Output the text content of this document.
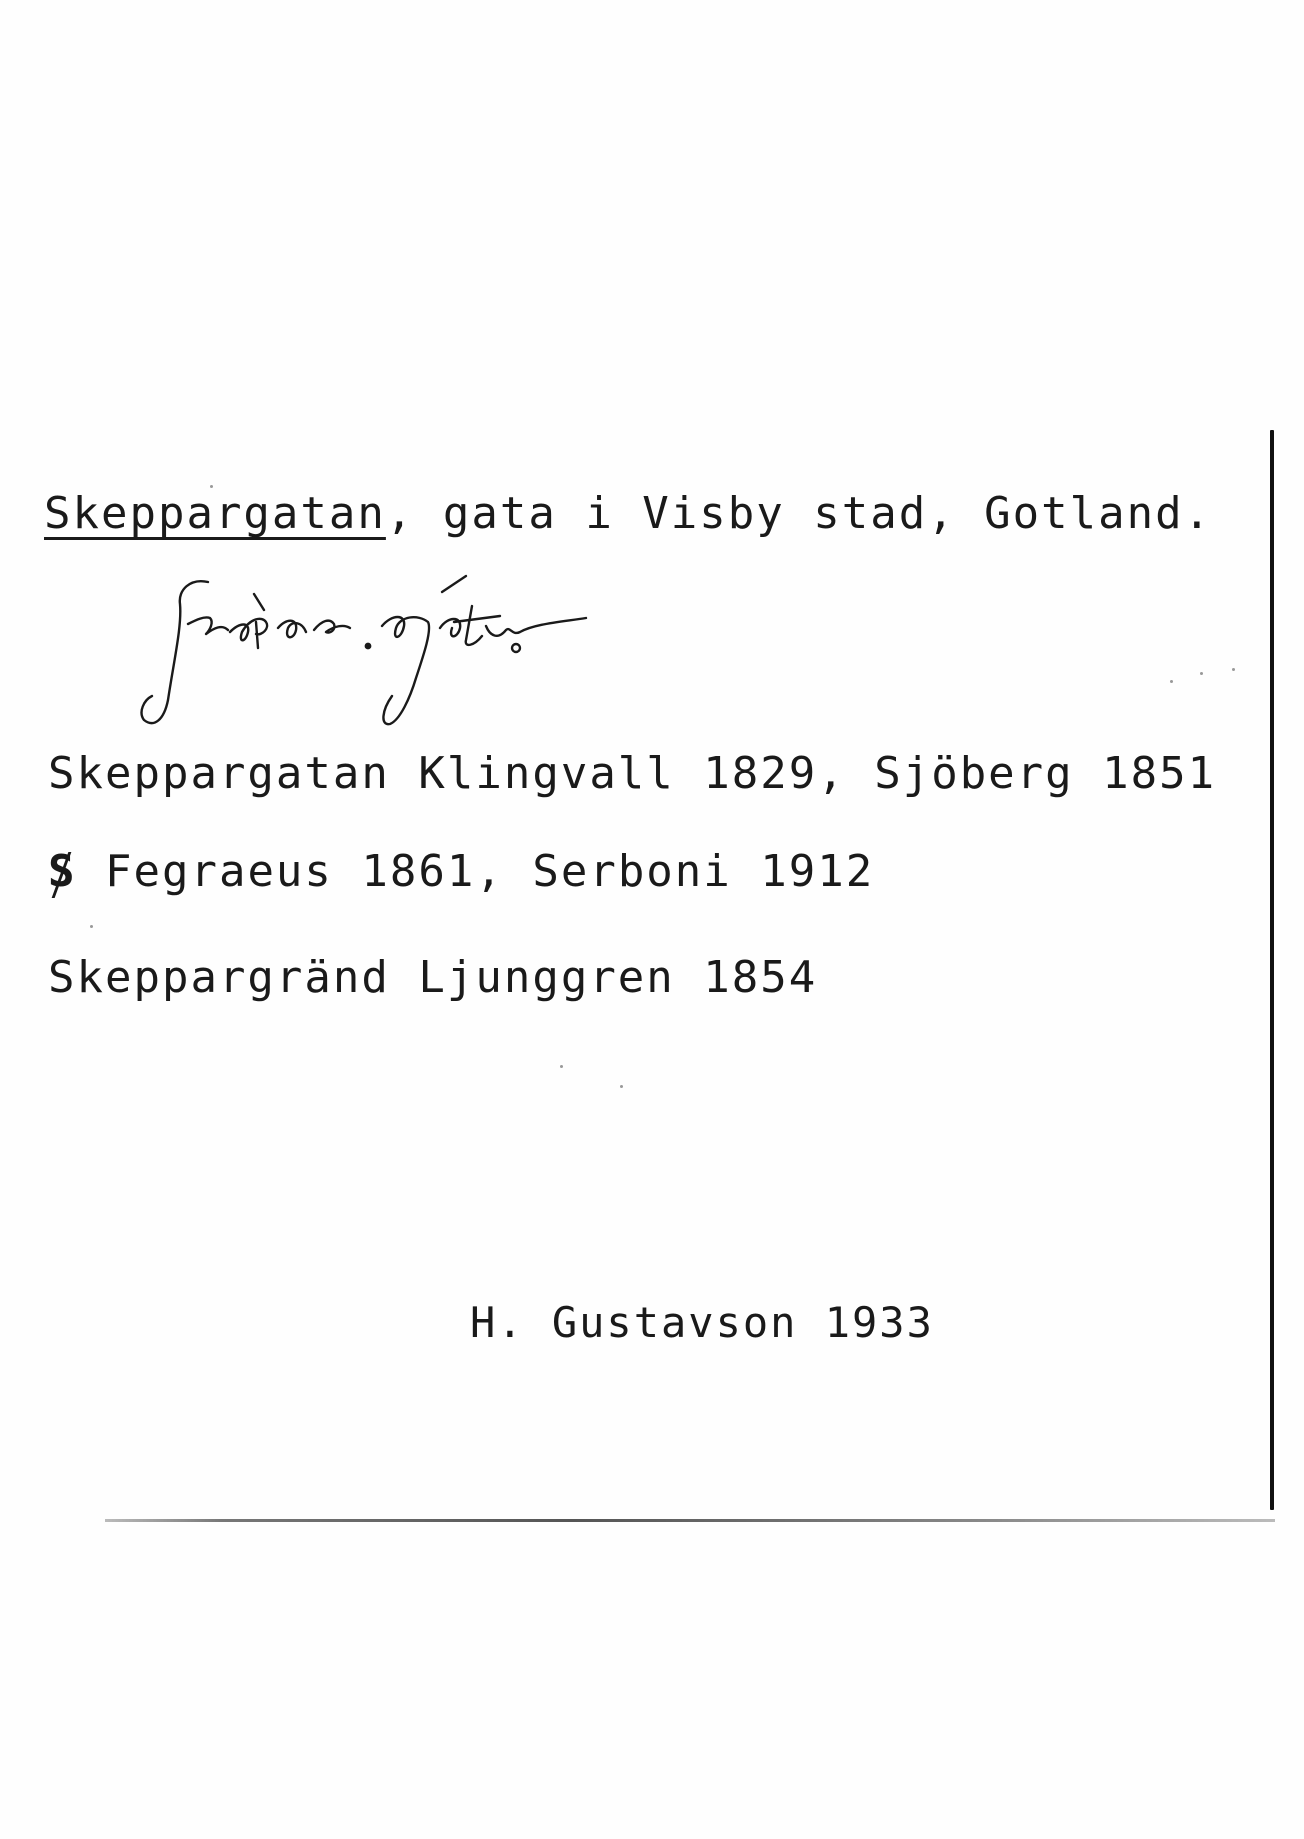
Skeppargatan, gata i Visby stad, Gotland.
Skeppargatan Klingvall 1829, Sjöberg 1851
S Fegraeus 1861, Serboni 1912
Skeppargränd Ljunggren 1854
H. Gustavson 1933
